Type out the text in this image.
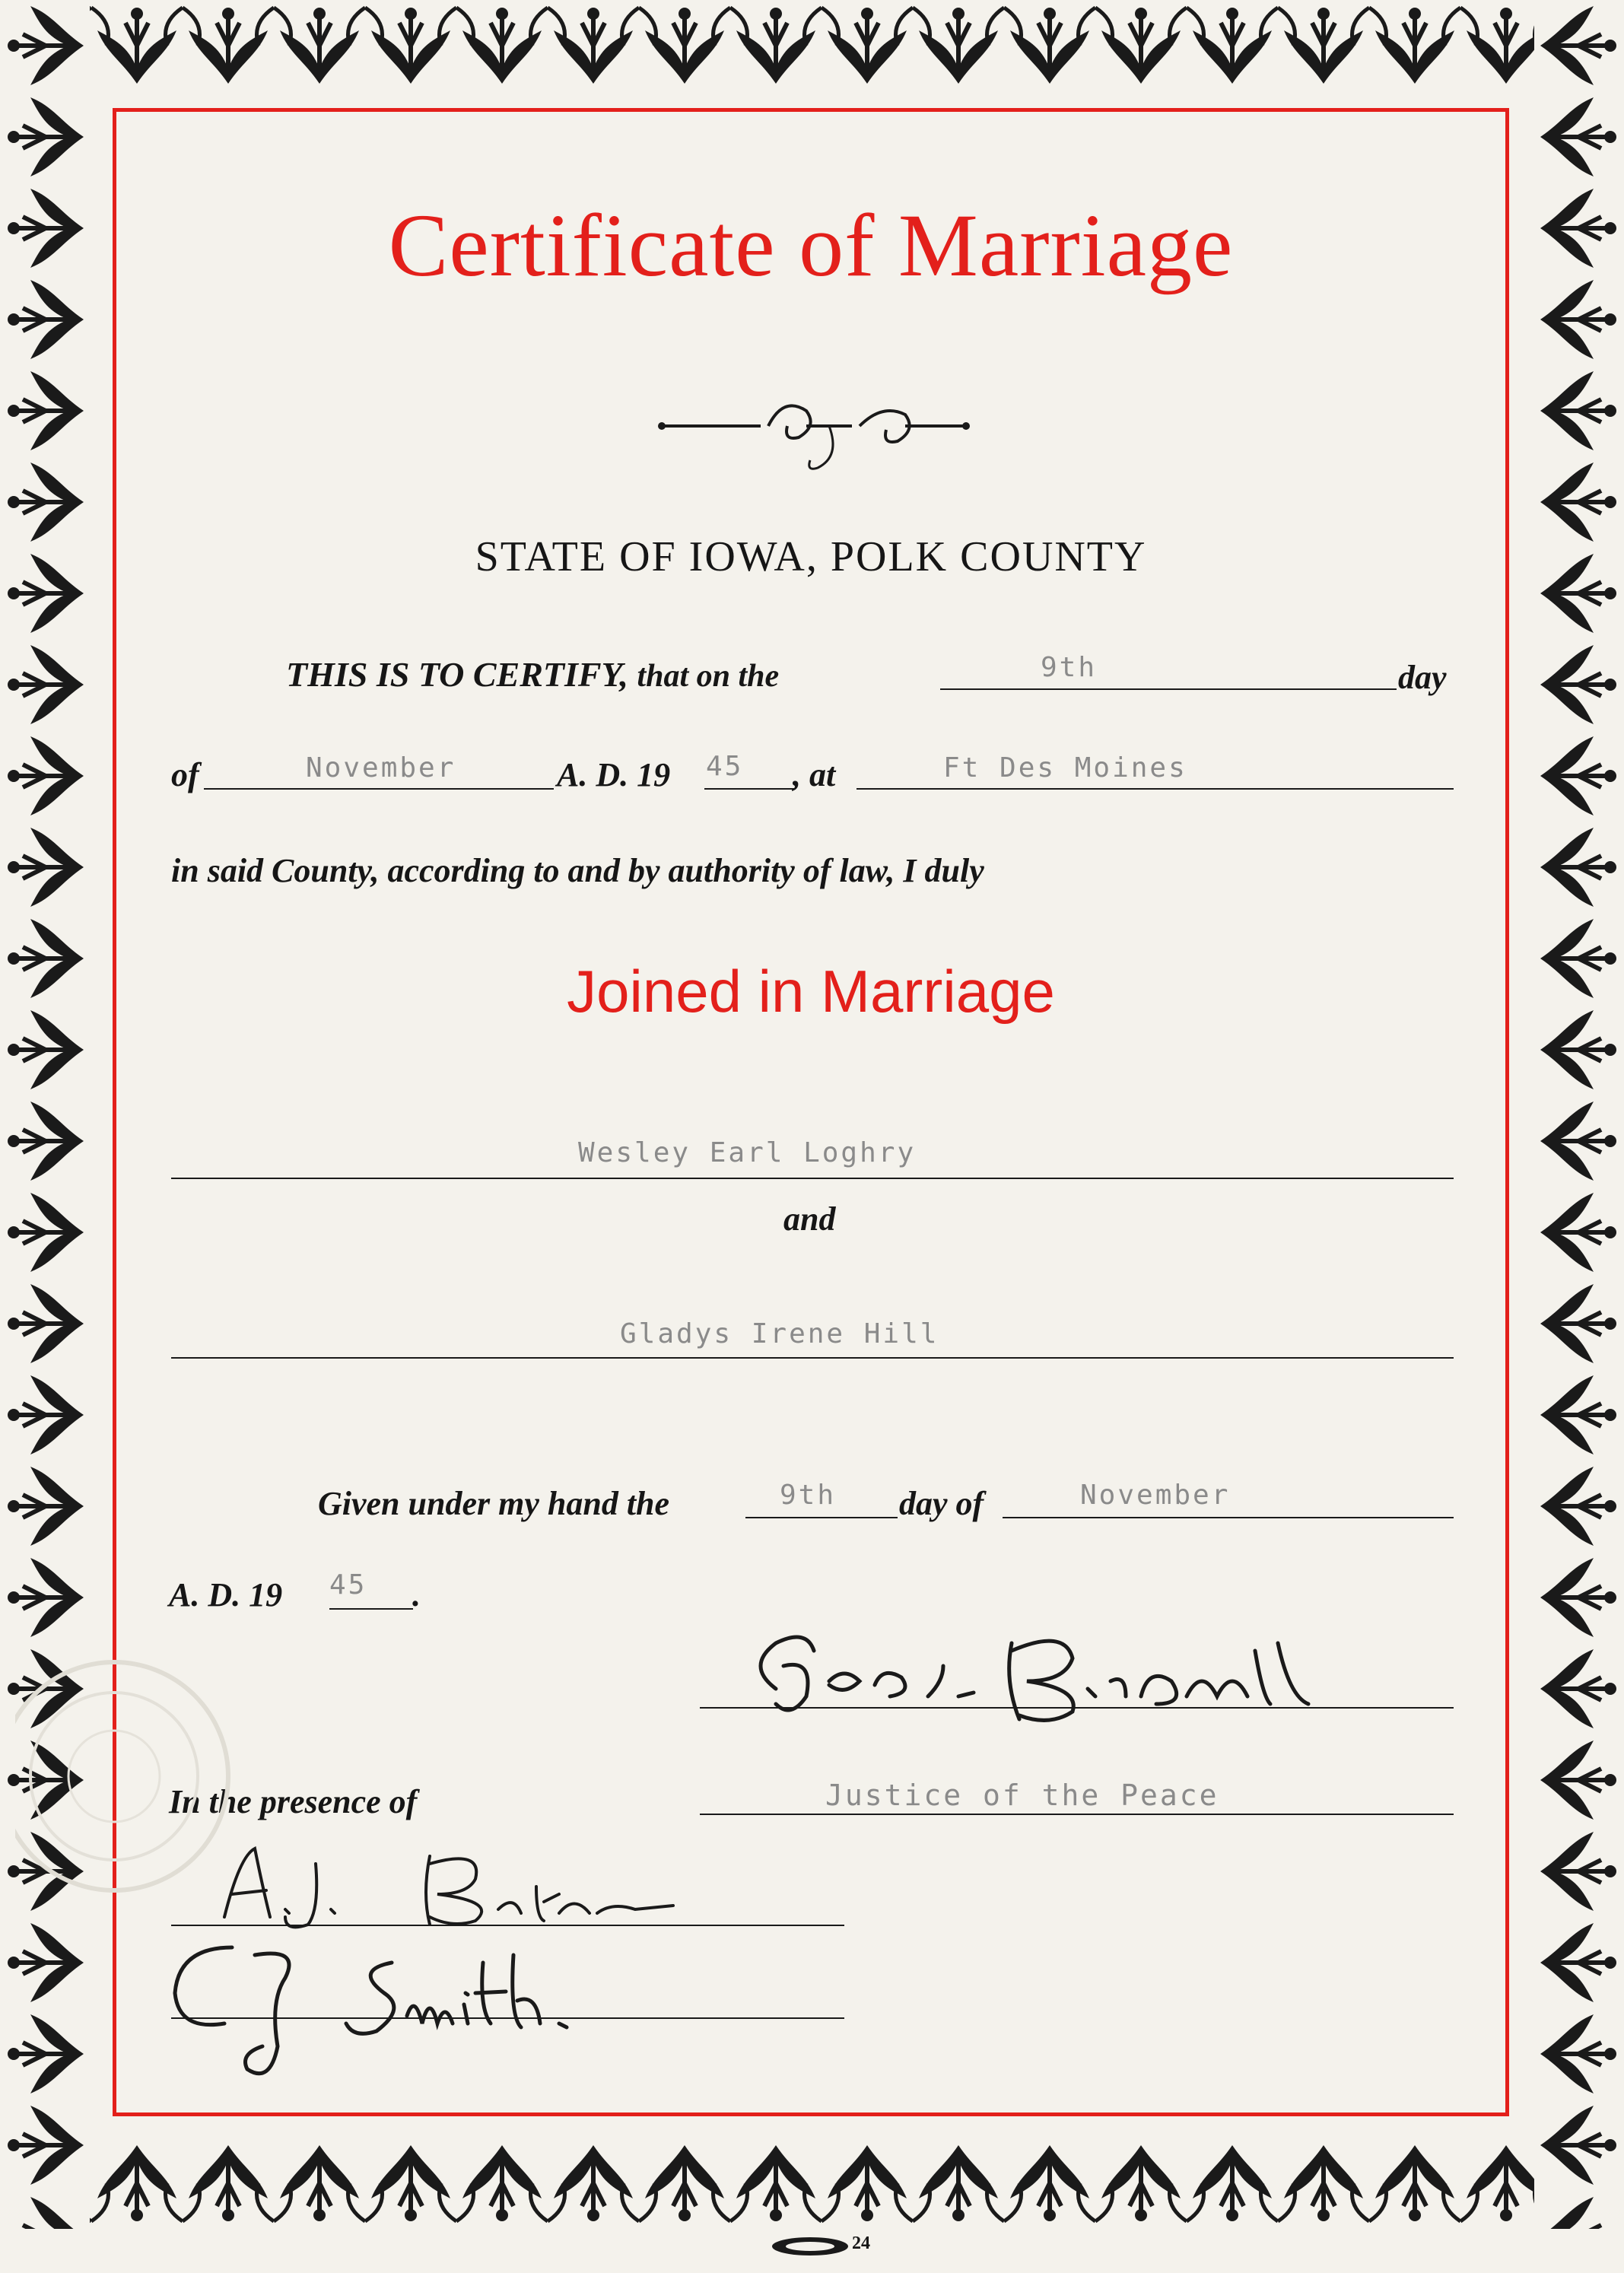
Certificate of Marriage
STATE OF IOWA, POLK COUNTY
THIS IS TO CERTIFY, that on the	9th	day
of	November	A. D. 19 45 , at	Ft Des Moines
in said County, according to and by authority of law, I duly
Joined in Marriage
Wesley Earl Loghry
and
Gladys Irene Hill
Given under my hand the	9th day of	November
A. D. 19 45 .
Justice of the Peace
In the presence of
24
